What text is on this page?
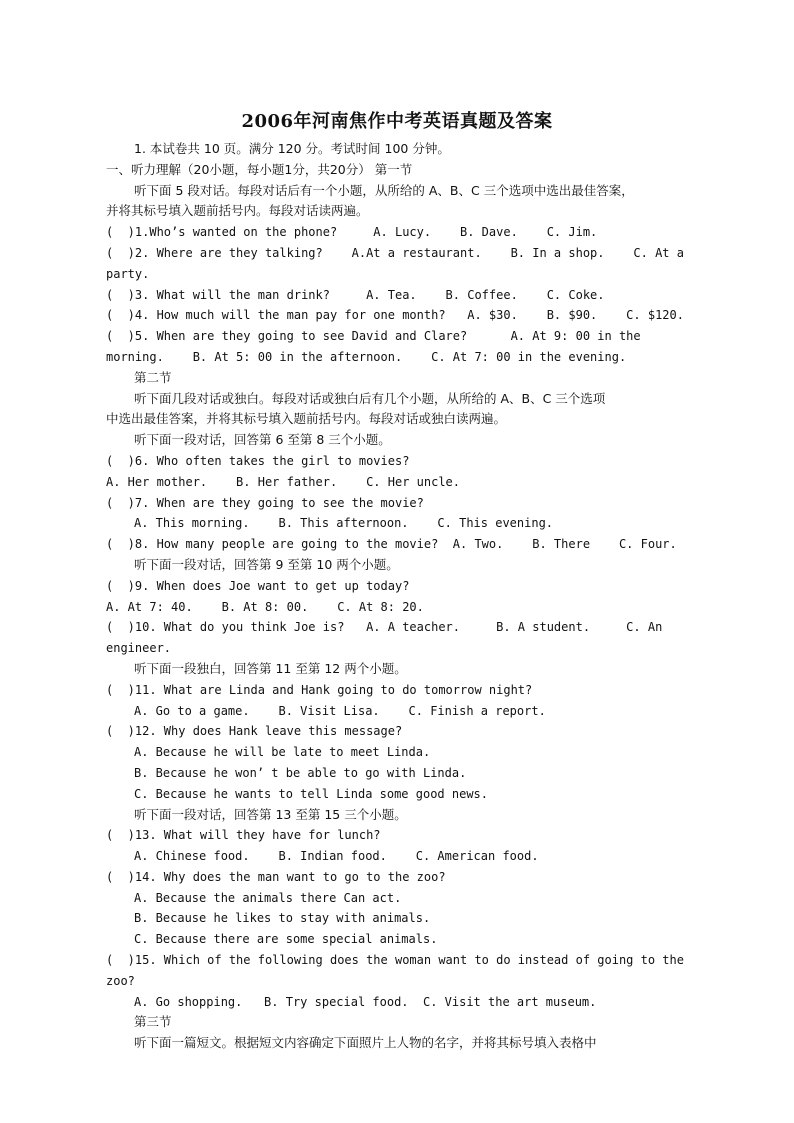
2006年河南焦作中考英语真题及答案
1. 本试卷共 10 页。满分 120 分。考试时间 100 分钟。
一、听力理解（20小题，每小题1分，共20分） 第一节
听下面 5 段对话。每段对话后有一个小题，从所给的 A、B、C 三个选项中选出最佳答案，
并将其标号填入题前括号内。每段对话读两遍。
(  )1.Who’s wanted on the phone?     A. Lucy.    B. Dave.    C. Jim.
(  )2. Where are they talking?    A.At a restaurant.    B. In a shop.    C. At a
party.
(  )3. What will the man drink?     A. Tea.    B. Coffee.    C. Coke.
(  )4. How much will the man pay for one month?   A. $30.    B. $90.    C. $120.
(  )5. When are they going to see David and Clare?      A. At 9: 00 in the
morning.    B. At 5: 00 in the afternoon.    C. At 7: 00 in the evening.
第二节
听下面几段对话或独白。每段对话或独白后有几个小题，从所给的 A、B、C 三个选项
中选出最佳答案，并将其标号填入题前括号内。每段对话或独白读两遍。
听下面一段对话，回答第 6 至第 8 三个小题。
(  )6. Who often takes the girl to movies?
A. Her mother.    B. Her father.    C. Her uncle.
(  )7. When are they going to see the movie?
A. This morning.    B. This afternoon.    C. This evening.
(  )8. How many people are going to the movie?  A. Two.    B. There    C. Four.
听下面一段对话，回答第 9 至第 10 两个小题。
(  )9. When does Joe want to get up today?
A. At 7: 40.    B. At 8: 00.    C. At 8: 20.
(  )10. What do you think Joe is?   A. A teacher.     B. A student.     C. An
engineer.
听下面一段独白，回答第 11 至第 12 两个小题。
(  )11. What are Linda and Hank going to do tomorrow night?
A. Go to a game.    B. Visit Lisa.    C. Finish a report.
(  )12. Why does Hank leave this message?
A. Because he will be late to meet Linda.
B. Because he won’ t be able to go with Linda.
C. Because he wants to tell Linda some good news.
听下面一段对话，回答第 13 至第 15 三个小题。
(  )13. What will they have for lunch?
A. Chinese food.    B. Indian food.    C. American food.
(  )14. Why does the man want to go to the zoo?
A. Because the animals there Can act.
B. Because he likes to stay with animals.
C. Because there are some special animals.
(  )15. Which of the following does the woman want to do instead of going to the
zoo?
A. Go shopping.   B. Try special food.  C. Visit the art museum.
第三节
听下面一篇短文。根据短文内容确定下面照片上人物的名字，并将其标号填入表格中
